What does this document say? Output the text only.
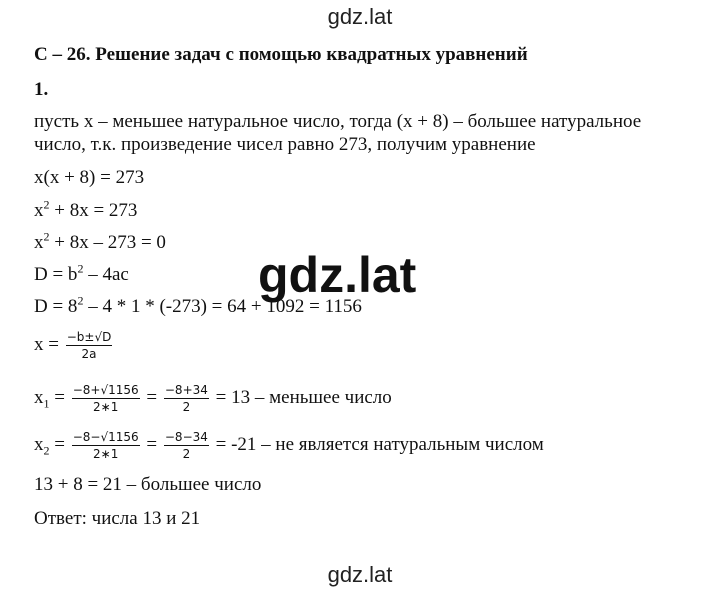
gdz.lat
С – 26. Решение задач с помощью квадратных уравнений
1.
пусть x – меньшее натуральное число, тогда (x + 8) – большее натуральное
число, т.к. произведение чисел равно 273, получим уравнение
x(x + 8) = 273
$x^2 + 8x = 273$
$x^2 + 8x - 273 = 0$
$D = b^2 - 4ac$
$D = 8^2 - 4 * 1 * (-273) = 64 + 1092 = 1156$
$x = \frac{-b\pm√D}{2a}$
$x_1 = \frac{-8+√1156}{2∗1} = \frac{-8+34}{2} = 13$ – меньшее число
$x_2 = \frac{-8-√1156}{2∗1} = \frac{-8-34}{2} = -21$ – не является натуральным числом
13 + 8 = 21 – большее число
Ответ: числа 13 и 21
gdz.lat
gdz.lat
